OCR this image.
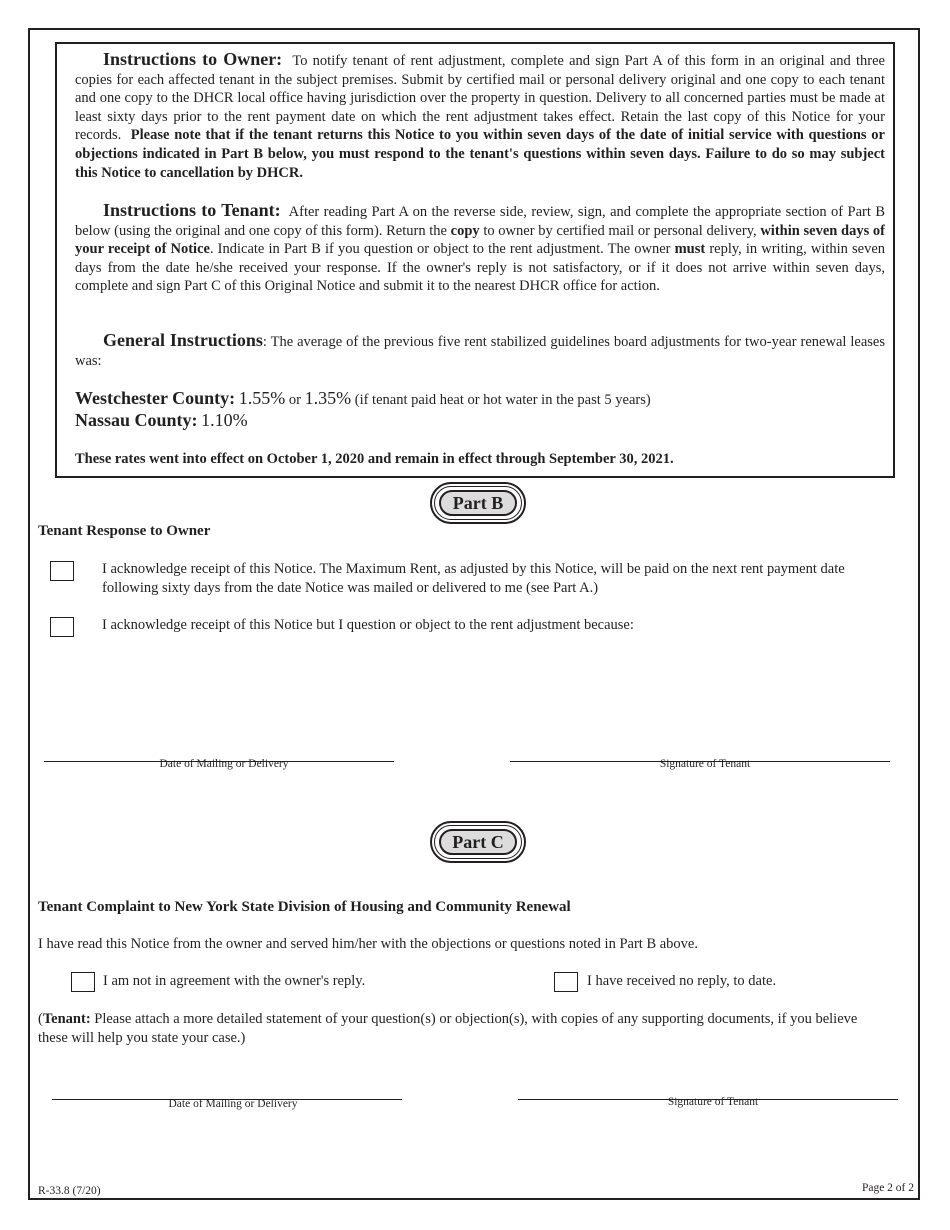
Instructions to Owner: To notify tenant of rent adjustment, complete and sign Part A of this form in an original and three copies for each affected tenant in the subject premises. Submit by certified mail or personal delivery original and one copy to each tenant and one copy to the DHCR local office having jurisdiction over the property in question. Delivery to all concerned parties must be made at least sixty days prior to the rent payment date on which the rent adjustment takes effect. Retain the last copy of this Notice for your records. Please note that if the tenant returns this Notice to you within seven days of the date of initial service with questions or objections indicated in Part B below, you must respond to the tenant's questions within seven days. Failure to do so may subject this Notice to cancellation by DHCR.

Instructions to Tenant: After reading Part A on the reverse side, review, sign, and complete the appropriate section of Part B below (using the original and one copy of this form). Return the copy to owner by certified mail or personal delivery, within seven days of your receipt of Notice. Indicate in Part B if you question or object to the rent adjustment. The owner must reply, in writing, within seven days from the date he/she received your response. If the owner's reply is not satisfactory, or if it does not arrive within seven days, complete and sign Part C of this Original Notice and submit it to the nearest DHCR office for action.

General Instructions: The average of the previous five rent stabilized guidelines board adjustments for two-year renewal leases was:

Westchester County: 1.55% or 1.35% (if tenant paid heat or hot water in the past 5 years)

Nassau County: 1.10%

These rates went into effect on October 1, 2020 and remain in effect through September 30, 2021.

Part B

Tenant Response to Owner

I acknowledge receipt of this Notice. The Maximum Rent, as adjusted by this Notice, will be paid on the next rent payment date following sixty days from the date Notice was mailed or delivered to me (see Part A.)

I acknowledge receipt of this Notice but I question or object to the rent adjustment because:

Date of Mailing or Delivery	Signature of Tenant

Part C

Tenant Complaint to New York State Division of Housing and Community Renewal

I have read this Notice from the owner and served him/her with the objections or questions noted in Part B above.

I am not in agreement with the owner's reply.	I have received no reply, to date.

(Tenant: Please attach a more detailed statement of your question(s) or objection(s), with copies of any supporting documents, if you believe these will help you state your case.)

Date of Mailing or Delivery	Signature of Tenant

R-33.8 (7/20)	Page 2 of 2
